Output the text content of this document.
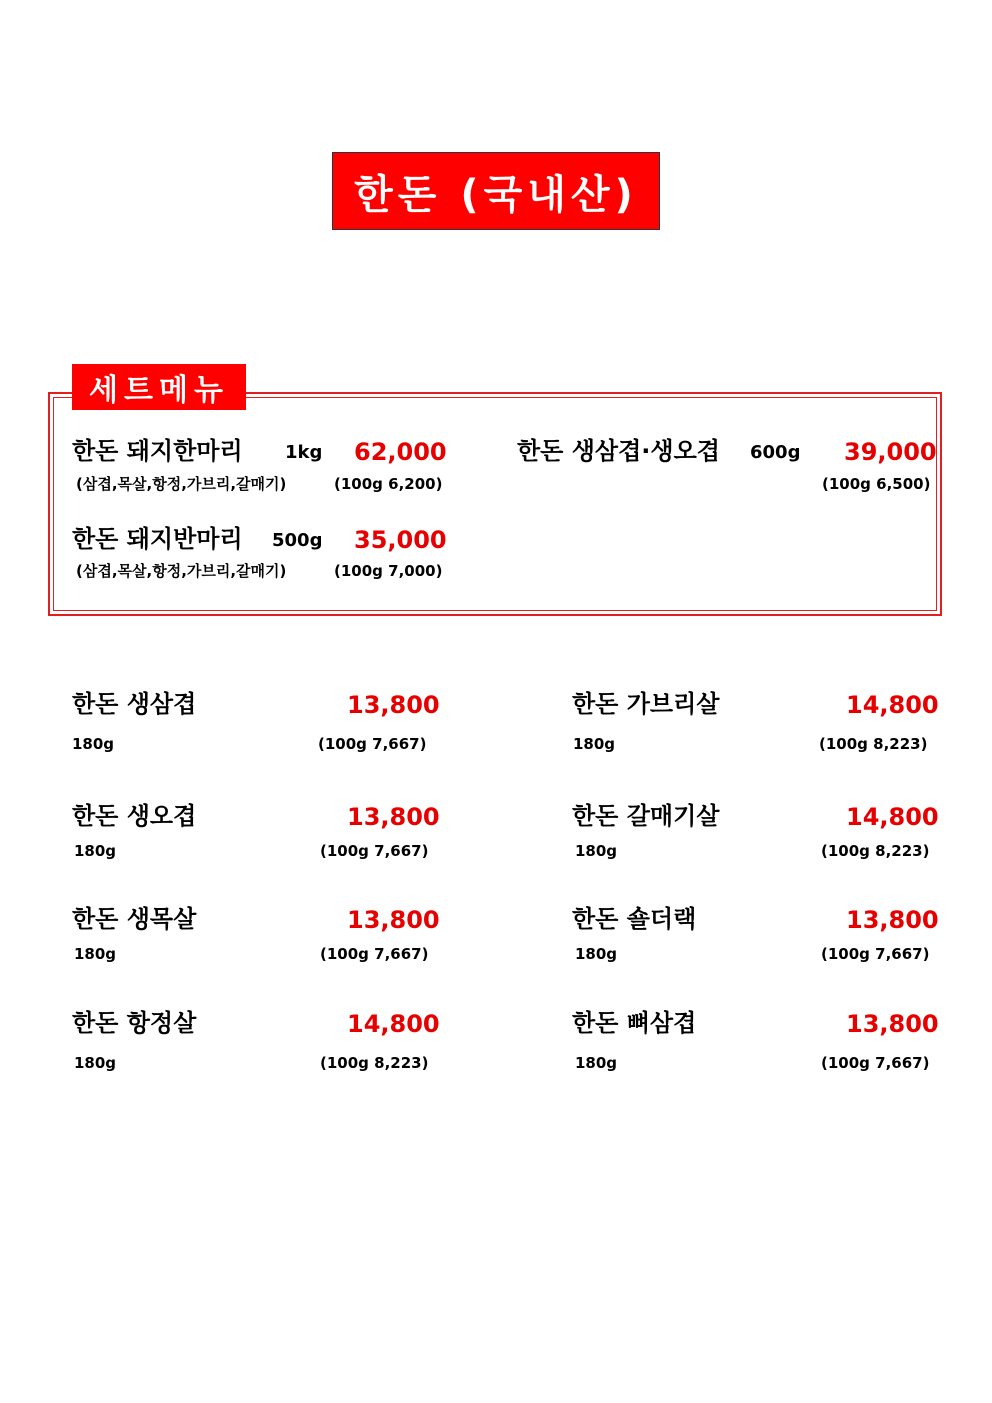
한돈 (국내산)
세트메뉴
한돈 돼지한마리 1kg 62,000
(삼겹,목살,항정,가브리,갈매기)	(100g 6,200)
한돈 생삼겹·생오겹 600g 39,000
(100g 6,500)
한돈 돼지반마리 500g 35,000
(삼겹,목살,항정,가브리,갈매기)	(100g 7,000)
한돈 생삼겹	13,800
180g	(100g 7,667)
한돈 가브리살	14,800
180g	(100g 8,223)
한돈 생오겹	13,800
180g	(100g 7,667)
한돈 갈매기살	14,800
180g	(100g 8,223)
한돈 생목살	13,800
180g	(100g 7,667)
한돈 숄더랙	13,800
180g	(100g 7,667)
한돈 항정살	14,800
180g	(100g 8,223)
한돈 뼈삼겹	13,800
180g	(100g 7,667)
